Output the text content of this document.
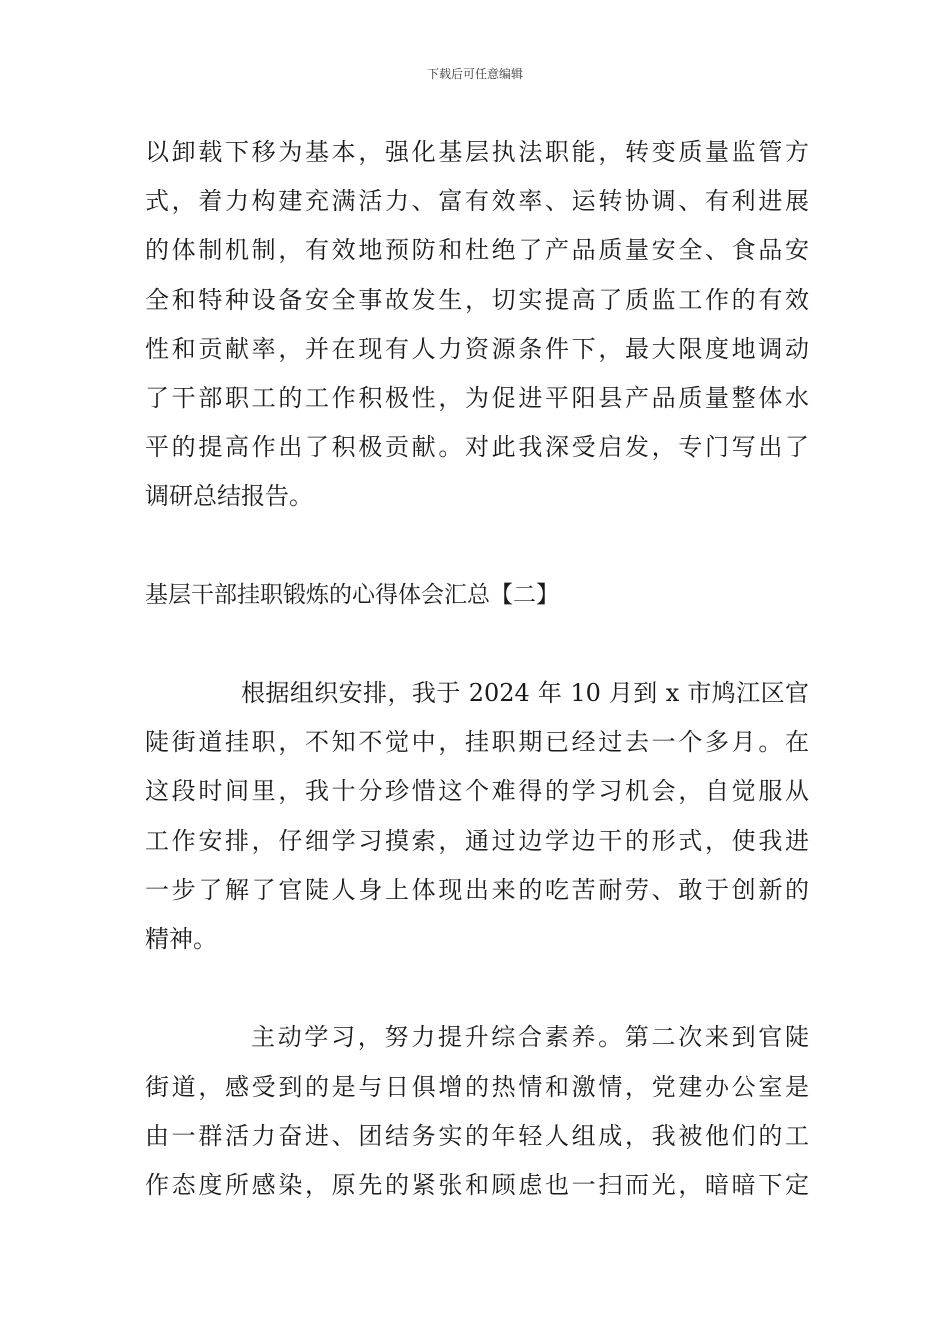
下载后可任意编辑
以卸载下移为基本，强化基层执法职能，转变质量监管方
式，着力构建充满活力、富有效率、运转协调、有利进展
的体制机制，有效地预防和杜绝了产品质量安全、食品安
全和特种设备安全事故发生，切实提高了质监工作的有效
性和贡献率，并在现有人力资源条件下，最大限度地调动
了干部职工的工作积极性，为促进平阳县产品质量整体水
平的提高作出了积极贡献。对此我深受启发，专门写出了
调研总结报告。
基层干部挂职锻炼的心得体会汇总【二】
根据组织安排，我于 2024 年 10 月到 x 市鸠江区官
陡街道挂职，不知不觉中，挂职期已经过去一个多月。在
这段时间里，我十分珍惜这个难得的学习机会，自觉服从
工作安排，仔细学习摸索，通过边学边干的形式，使我进
一步了解了官陡人身上体现出来的吃苦耐劳、敢于创新的
精神。
主动学习，努力提升综合素养。第二次来到官陡
街道，感受到的是与日俱增的热情和激情，党建办公室是
由一群活力奋进、团结务实的年轻人组成，我被他们的工
作态度所感染，原先的紧张和顾虑也一扫而光，暗暗下定
